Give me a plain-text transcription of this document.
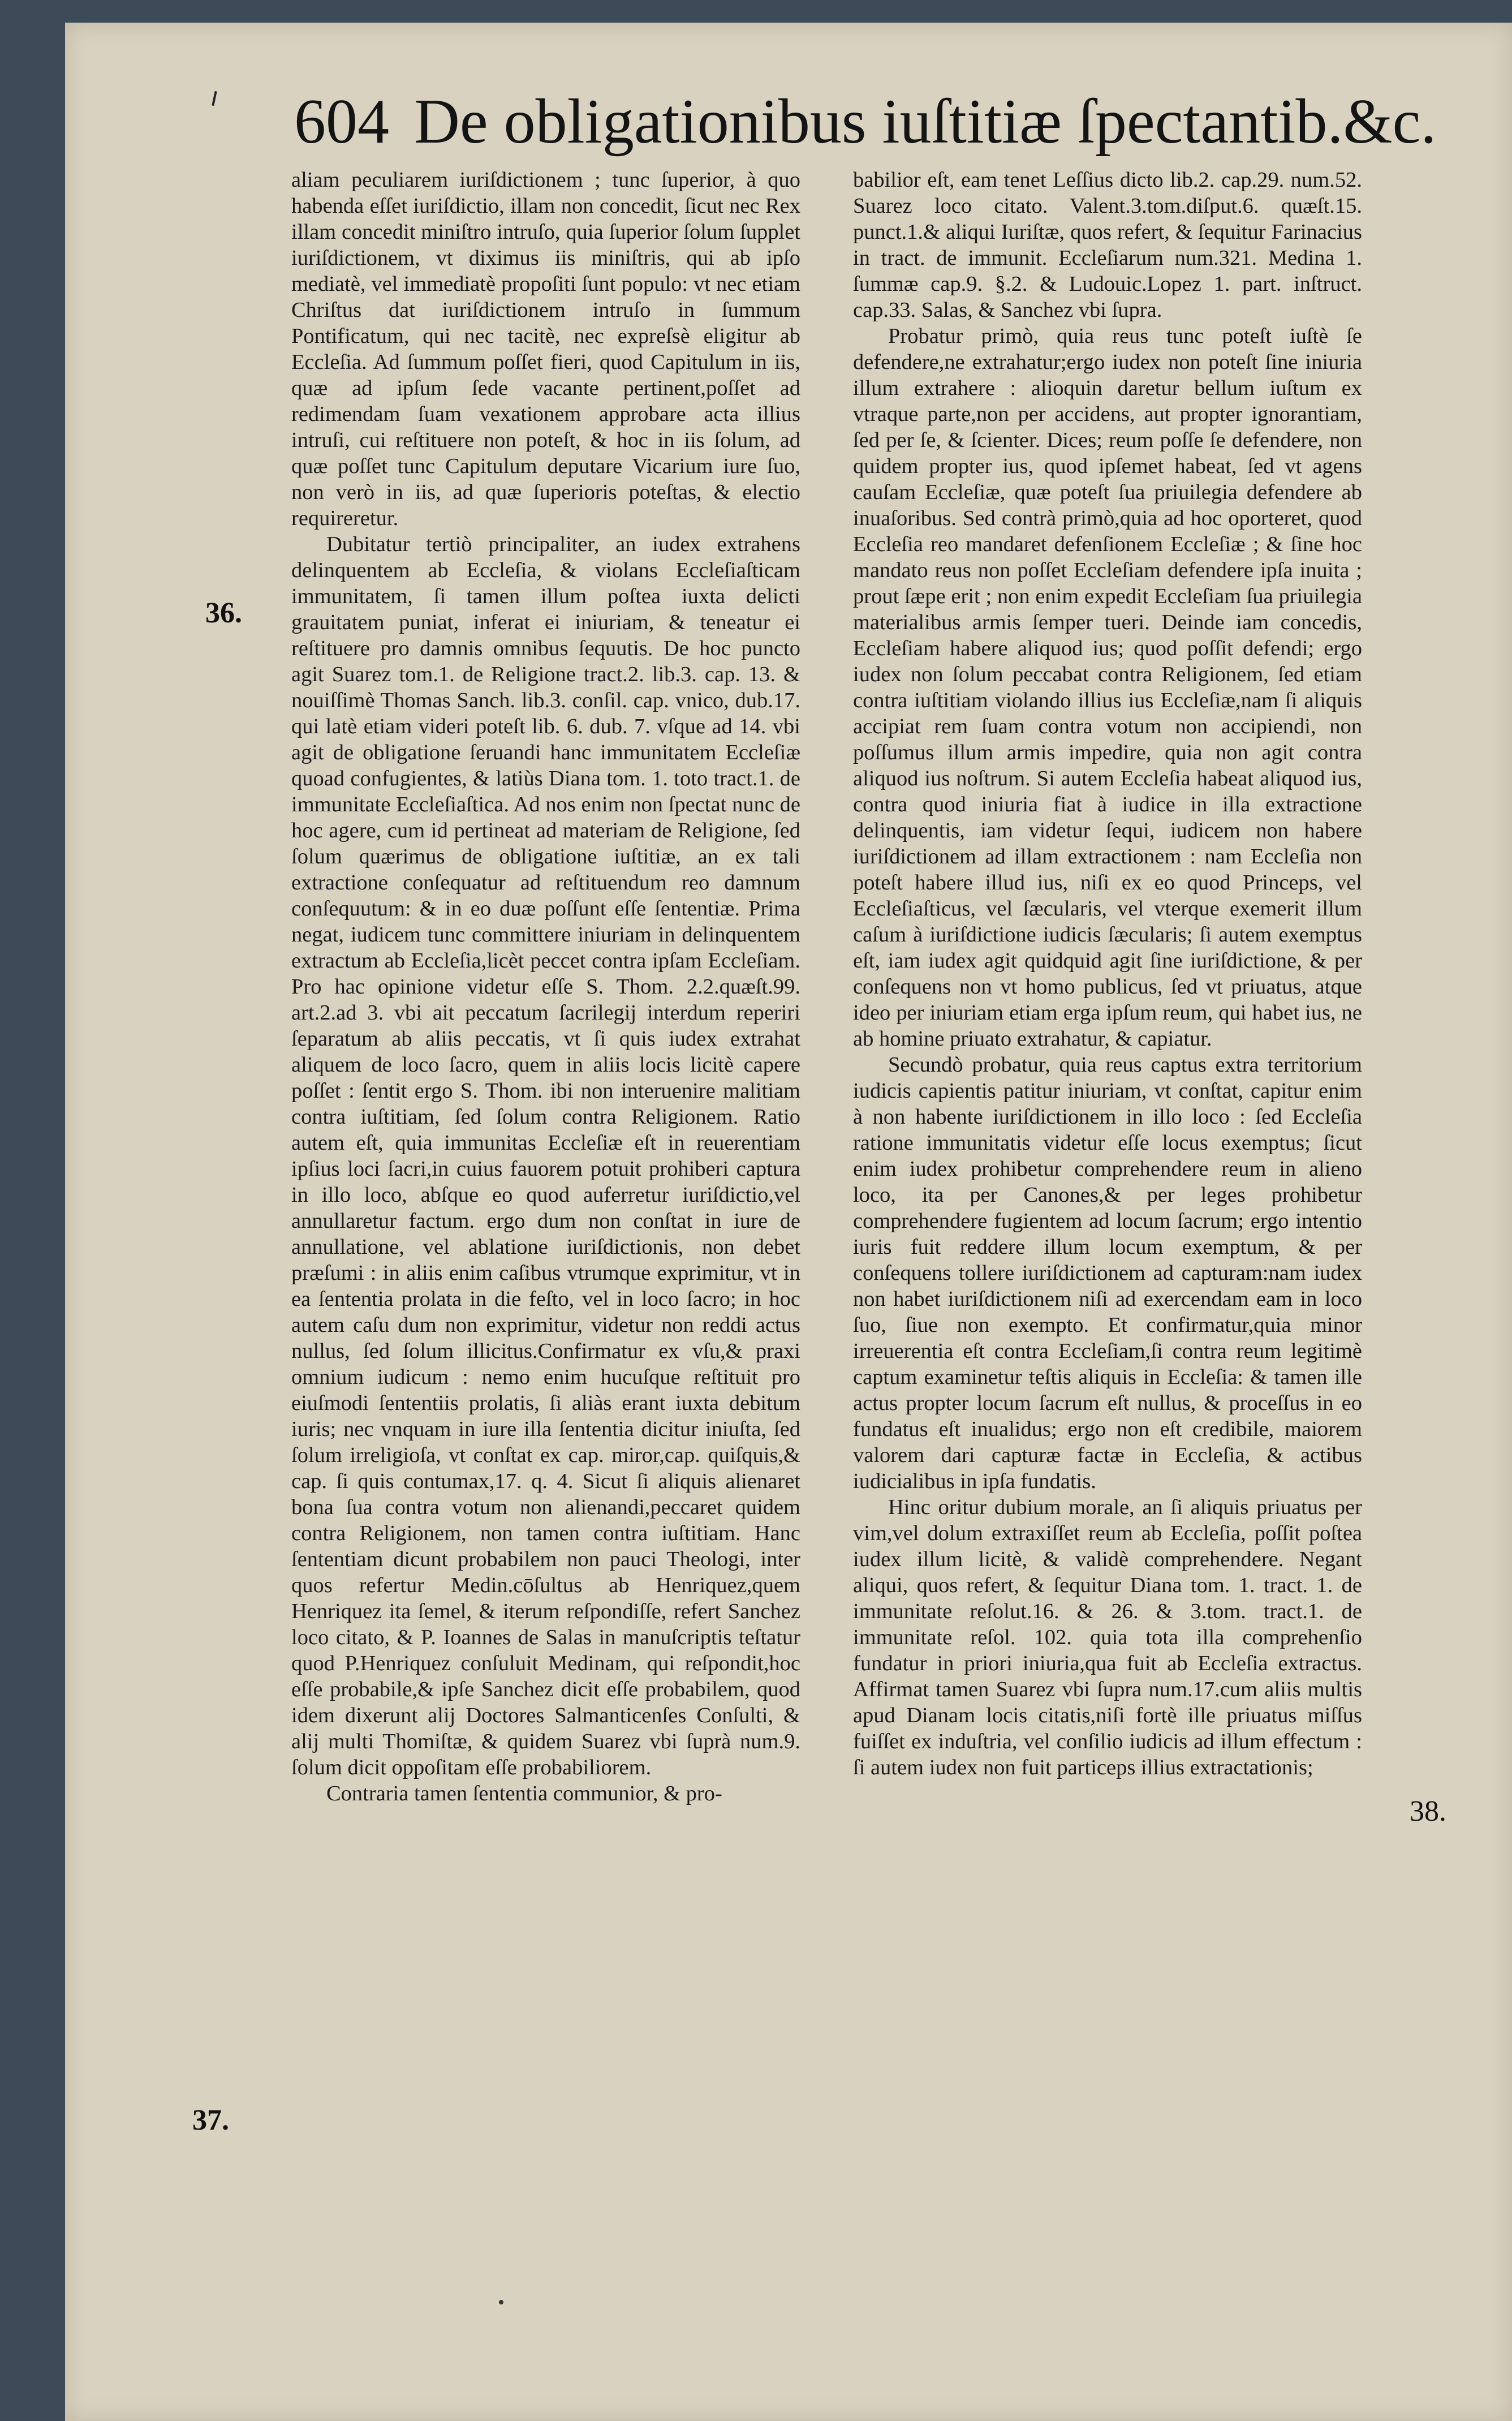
604 De obligationibus iuſtitiæ ſpectantib.&c.
36.
37.
38.

aliam peculiarem iuriſdictionem ; tunc ſuperior, à quo habenda eſſet iuriſdictio, illam non concedit, ſicut nec Rex illam concedit miniſtro intruſo, quia ſuperior ſolum ſupplet iuriſdictionem, vt diximus iis miniſtris, qui ab ipſo mediatè, vel immediatè propoſiti ſunt populo: vt nec etiam Chriſtus dat iuriſdictionem intruſo in ſummum Pontificatum, qui nec tacitè, nec expreſsè eligitur ab Eccleſia. Ad ſummum poſſet fieri, quod Capitulum in iis, quæ ad ipſum ſede vacante pertinent,poſſet ad redimendam ſuam vexationem approbare acta illius intruſi, cui reſtituere non poteſt, & hoc in iis ſolum, ad quæ poſſet tunc Capitulum deputare Vicarium iure ſuo, non verò in iis, ad quæ ſuperioris poteſtas, & electio requireretur.

Dubitatur tertiò principaliter, an iudex extrahens delinquentem ab Eccleſia, & violans Eccleſiaſticam immunitatem, ſi tamen illum poſtea iuxta delicti grauitatem puniat, inferat ei iniuriam, & teneatur ei reſtituere pro damnis omnibus ſequutis. De hoc puncto agit Suarez tom.1. de Religione tract.2. lib.3. cap. 13. & nouiſſimè Thomas Sanch. lib.3. conſil. cap. vnico, dub.17. qui latè etiam videri poteſt lib. 6. dub. 7. vſque ad 14. vbi agit de obligatione ſeruandi hanc immunitatem Eccleſiæ quoad confugientes, & latiùs Diana tom. 1. toto tract.1. de immunitate Eccleſiaſtica. Ad nos enim non ſpectat nunc de hoc agere, cum id pertineat ad materiam de Religione, ſed ſolum quærimus de obligatione iuſtitiæ, an ex tali extractione conſequatur ad reſtituendum reo damnum conſequutum: & in eo duæ poſſunt eſſe ſententiæ. Prima negat, iudicem tunc committere iniuriam in delinquentem extractum ab Eccleſia,licèt peccet contra ipſam Eccleſiam. Pro hac opinione videtur eſſe S. Thom. 2.2.quæſt.99. art.2.ad 3. vbi ait peccatum ſacrilegij interdum reperiri ſeparatum ab aliis peccatis, vt ſi quis iudex extrahat aliquem de loco ſacro, quem in aliis locis licitè capere poſſet : ſentit ergo S. Thom. ibi non interuenire malitiam contra iuſtitiam, ſed ſolum contra Religionem. Ratio autem eſt, quia immunitas Eccleſiæ eſt in reuerentiam ipſius loci ſacri,in cuius fauorem potuit prohiberi captura in illo loco, abſque eo quod auferretur iuriſdictio,vel annullaretur factum. ergo dum non conſtat in iure de annullatione, vel ablatione iuriſdictionis, non debet præſumi : in aliis enim caſibus vtrumque exprimitur, vt in ea ſententia prolata in die feſto, vel in loco ſacro; in hoc autem caſu dum non exprimitur, videtur non reddi actus nullus, ſed ſolum illicitus.Confirmatur ex vſu,& praxi omnium iudicum : nemo enim hucuſque reſtituit pro eiuſmodi ſententiis prolatis, ſi aliàs erant iuxta debitum iuris; nec vnquam in iure illa ſententia dicitur iniuſta, ſed ſolum irreligioſa, vt conſtat ex cap. miror,cap. quiſquis,& cap. ſi quis contumax,17. q. 4. Sicut ſi aliquis alienaret bona ſua contra votum non alienandi,peccaret quidem contra Religionem, non tamen contra iuſtitiam. Hanc ſententiam dicunt probabilem non pauci Theologi, inter quos refertur Medin.cōſultus ab Henriquez,quem Henriquez ita ſemel, & iterum reſpondiſſe, refert Sanchez loco citato, & P. Ioannes de Salas in manuſcriptis teſtatur quod P.Henriquez conſuluit Medinam, qui reſpondit,hoc eſſe probabile,& ipſe Sanchez dicit eſſe probabilem, quod idem dixerunt alij Doctores Salmanticenſes Conſulti, & alij multi Thomiſtæ, & quidem Suarez vbi ſuprà num.9. ſolum dicit oppoſitam eſſe probabiliorem.

Contraria tamen ſententia communior, & pro-

babilior eſt, eam tenet Leſſius dicto lib.2. cap.29. num.52. Suarez loco citato. Valent.3.tom.diſput.6. quæſt.15. punct.1.& aliqui Iuriſtæ, quos refert, & ſequitur Farinacius in tract. de immunit. Eccleſiarum num.321. Medina 1. ſummæ cap.9. §.2. & Ludouic.Lopez 1. part. inſtruct. cap.33. Salas, & Sanchez vbi ſupra.

Probatur primò, quia reus tunc poteſt iuſtè ſe defendere,ne extrahatur;ergo iudex non poteſt ſine iniuria illum extrahere : alioquin daretur bellum iuſtum ex vtraque parte,non per accidens, aut propter ignorantiam, ſed per ſe, & ſcienter. Dices; reum poſſe ſe defendere, non quidem propter ius, quod ipſemet habeat, ſed vt agens cauſam Eccleſiæ, quæ poteſt ſua priuilegia defendere ab inuaſoribus. Sed contrà primò,quia ad hoc oporteret, quod Eccleſia reo mandaret defenſionem Eccleſiæ ; & ſine hoc mandato reus non poſſet Eccleſiam defendere ipſa inuita ; prout ſæpe erit ; non enim expedit Eccleſiam ſua priuilegia materialibus armis ſemper tueri. Deinde iam concedis, Eccleſiam habere aliquod ius; quod poſſit defendi; ergo iudex non ſolum peccabat contra Religionem, ſed etiam contra iuſtitiam violando illius ius Eccleſiæ,nam ſi aliquis accipiat rem ſuam contra votum non accipiendi, non poſſumus illum armis impedire, quia non agit contra aliquod ius noſtrum. Si autem Eccleſia habeat aliquod ius, contra quod iniuria fiat à iudice in illa extractione delinquentis, iam videtur ſequi, iudicem non habere iuriſdictionem ad illam extractionem : nam Eccleſia non poteſt habere illud ius, niſi ex eo quod Princeps, vel Eccleſiaſticus, vel ſæcularis, vel vterque exemerit illum caſum à iuriſdictione iudicis ſæcularis; ſi autem exemptus eſt, iam iudex agit quidquid agit ſine iuriſdictione, & per conſequens non vt homo publicus, ſed vt priuatus, atque ideo per iniuriam etiam erga ipſum reum, qui habet ius, ne ab homine priuato extrahatur, & capiatur.

Secundò probatur, quia reus captus extra territorium iudicis capientis patitur iniuriam, vt conſtat, capitur enim à non habente iuriſdictionem in illo loco : ſed Eccleſia ratione immunitatis videtur eſſe locus exemptus; ſicut enim iudex prohibetur comprehendere reum in alieno loco, ita per Canones,& per leges prohibetur comprehendere fugientem ad locum ſacrum; ergo intentio iuris fuit reddere illum locum exemptum, & per conſequens tollere iuriſdictionem ad capturam:nam iudex non habet iuriſdictionem niſi ad exercendam eam in loco ſuo, ſiue non exempto. Et confirmatur,quia minor irreuerentia eſt contra Eccleſiam,ſi contra reum legitimè captum examinetur teſtis aliquis in Eccleſia: & tamen ille actus propter locum ſacrum eſt nullus, & proceſſus in eo fundatus eſt inualidus; ergo non eſt credibile, maiorem valorem dari capturæ factæ in Eccleſia, & actibus iudicialibus in ipſa fundatis.

Hinc oritur dubium morale, an ſi aliquis priuatus per vim,vel dolum extraxiſſet reum ab Eccleſia, poſſit poſtea iudex illum licitè, & validè comprehendere. Negant aliqui, quos refert, & ſequitur Diana tom. 1. tract. 1. de immunitate reſolut.16. & 26. & 3.tom. tract.1. de immunitate reſol. 102. quia tota illa comprehenſio fundatur in priori iniuria,qua fuit ab Eccleſia extractus. Affirmat tamen Suarez vbi ſupra num.17.cum aliis multis apud Dianam locis citatis,niſi fortè ille priuatus miſſus fuiſſet ex induſtria, vel conſilio iudicis ad illum effectum : ſi autem iudex non fuit particeps illius extractationis;
